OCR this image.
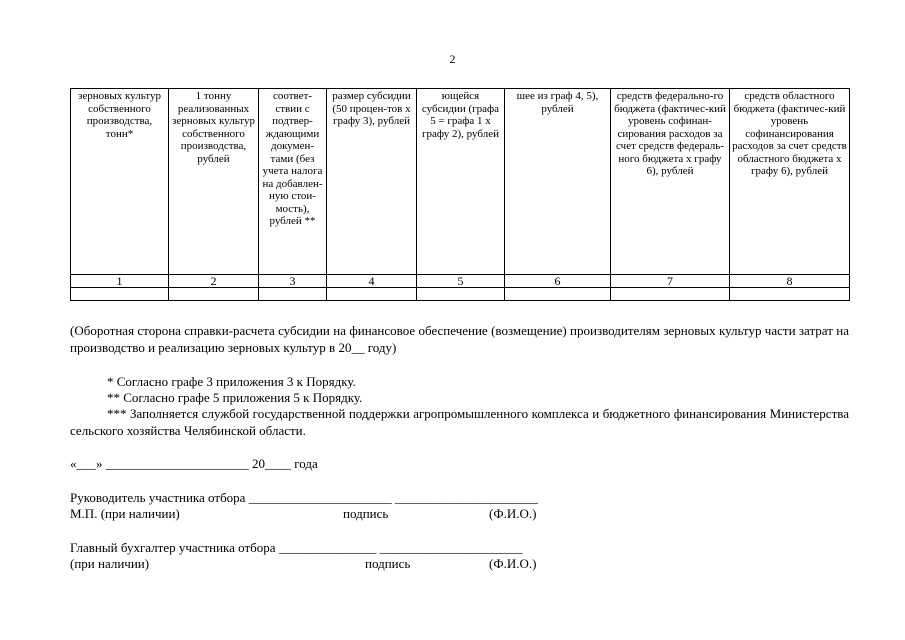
2
зерновых культур собственного производства, тонн*	1 тонну реализованных зерновых культур собственного производства, рублей	соответ-ствии с подтвер-ждающими докумен-тами (без учета налога на добавлен-ную стои-мость), рублей **	размер субсидии (50 процен-тов х графу 3), рублей	ющейся субсидии (графа 5 = графа 1 х графу 2), рублей	шее из граф 4, 5), рублей	средств федерально-го бюджета (фактичес-кий уровень софинан-сирования расходов за счет средств федераль-ного бюджета х графу 6), рублей	средств областного бюджета (фактичес-кий уровень софинансирования расходов за счет средств областного бюджета х графу 6), рублей
1	2	3	4	5	6	7	8

(Оборотная сторона справки-расчета субсидии на финансовое обеспечение (возмещение) производителям зерновых культур части затрат на производство и реализацию зерновых культур в 20__ году)
* Согласно графе 3 приложения 3 к Порядку.
** Согласно графе 5 приложения 5 к Порядку.
*** Заполняется службой государственной поддержки агропромышленного комплекса и бюджетного финансирования Министерства сельского хозяйства Челябинской области.
«___» ______________________ 20____ года
Руководитель участника отбора ______________________ ______________________
М.П. (при наличии)	подпись	(Ф.И.О.)
Главный бухгалтер участника отбора _______________ ______________________
(при наличии)	подпись	(Ф.И.О.)
